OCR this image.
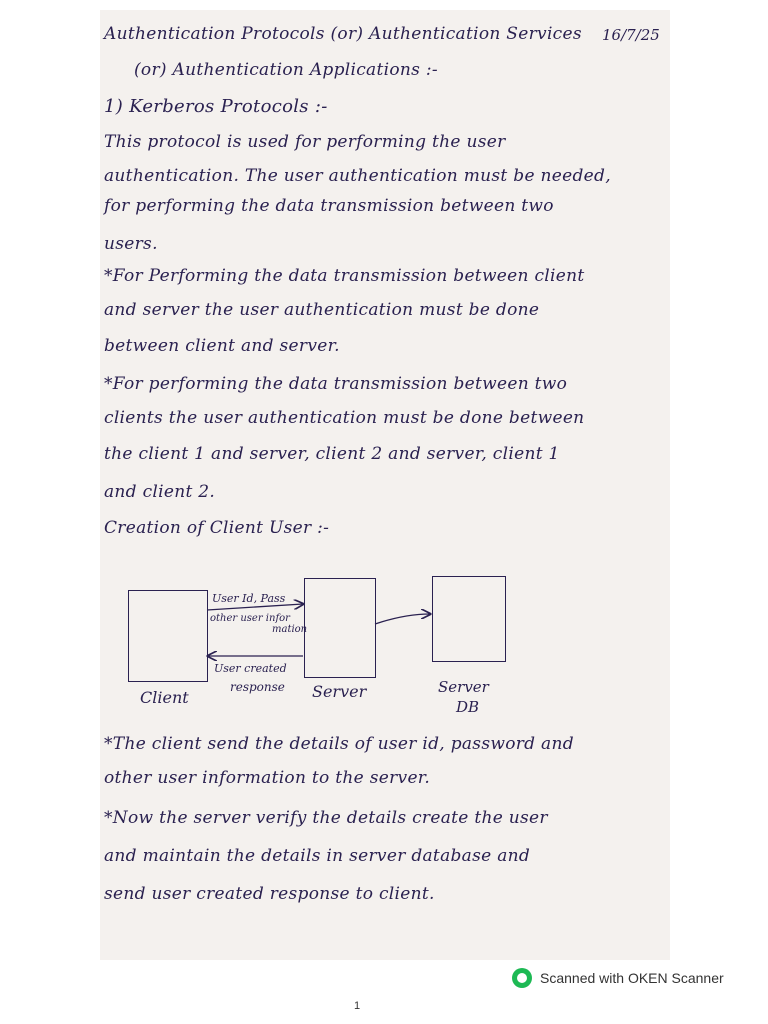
Authentication Protocols (or) Authentication Services 16/7/25
(or) Authentication Applications :-
1) Kerberos Protocols :-
This protocol is used for performing the user
authentication. The user authentication must be needed,
for performing the data transmission between two
users.
*For Performing the data transmission between client
and server the user authentication must be done
between client and server.
*For performing the data transmission between two
clients the user authentication must be done between
the client 1 and server, client 2 and server, client 1
and client 2.
Creation of Client User :-
User Id, Pass
other user infor
mation
User created
response
Client	Server	Server
DB
*The client send the details of user id, password and
other user information to the server.
*Now the server verify the details create the user
and maintain the details in server database and
send user created response to client.
Scanned with OKEN Scanner
1
